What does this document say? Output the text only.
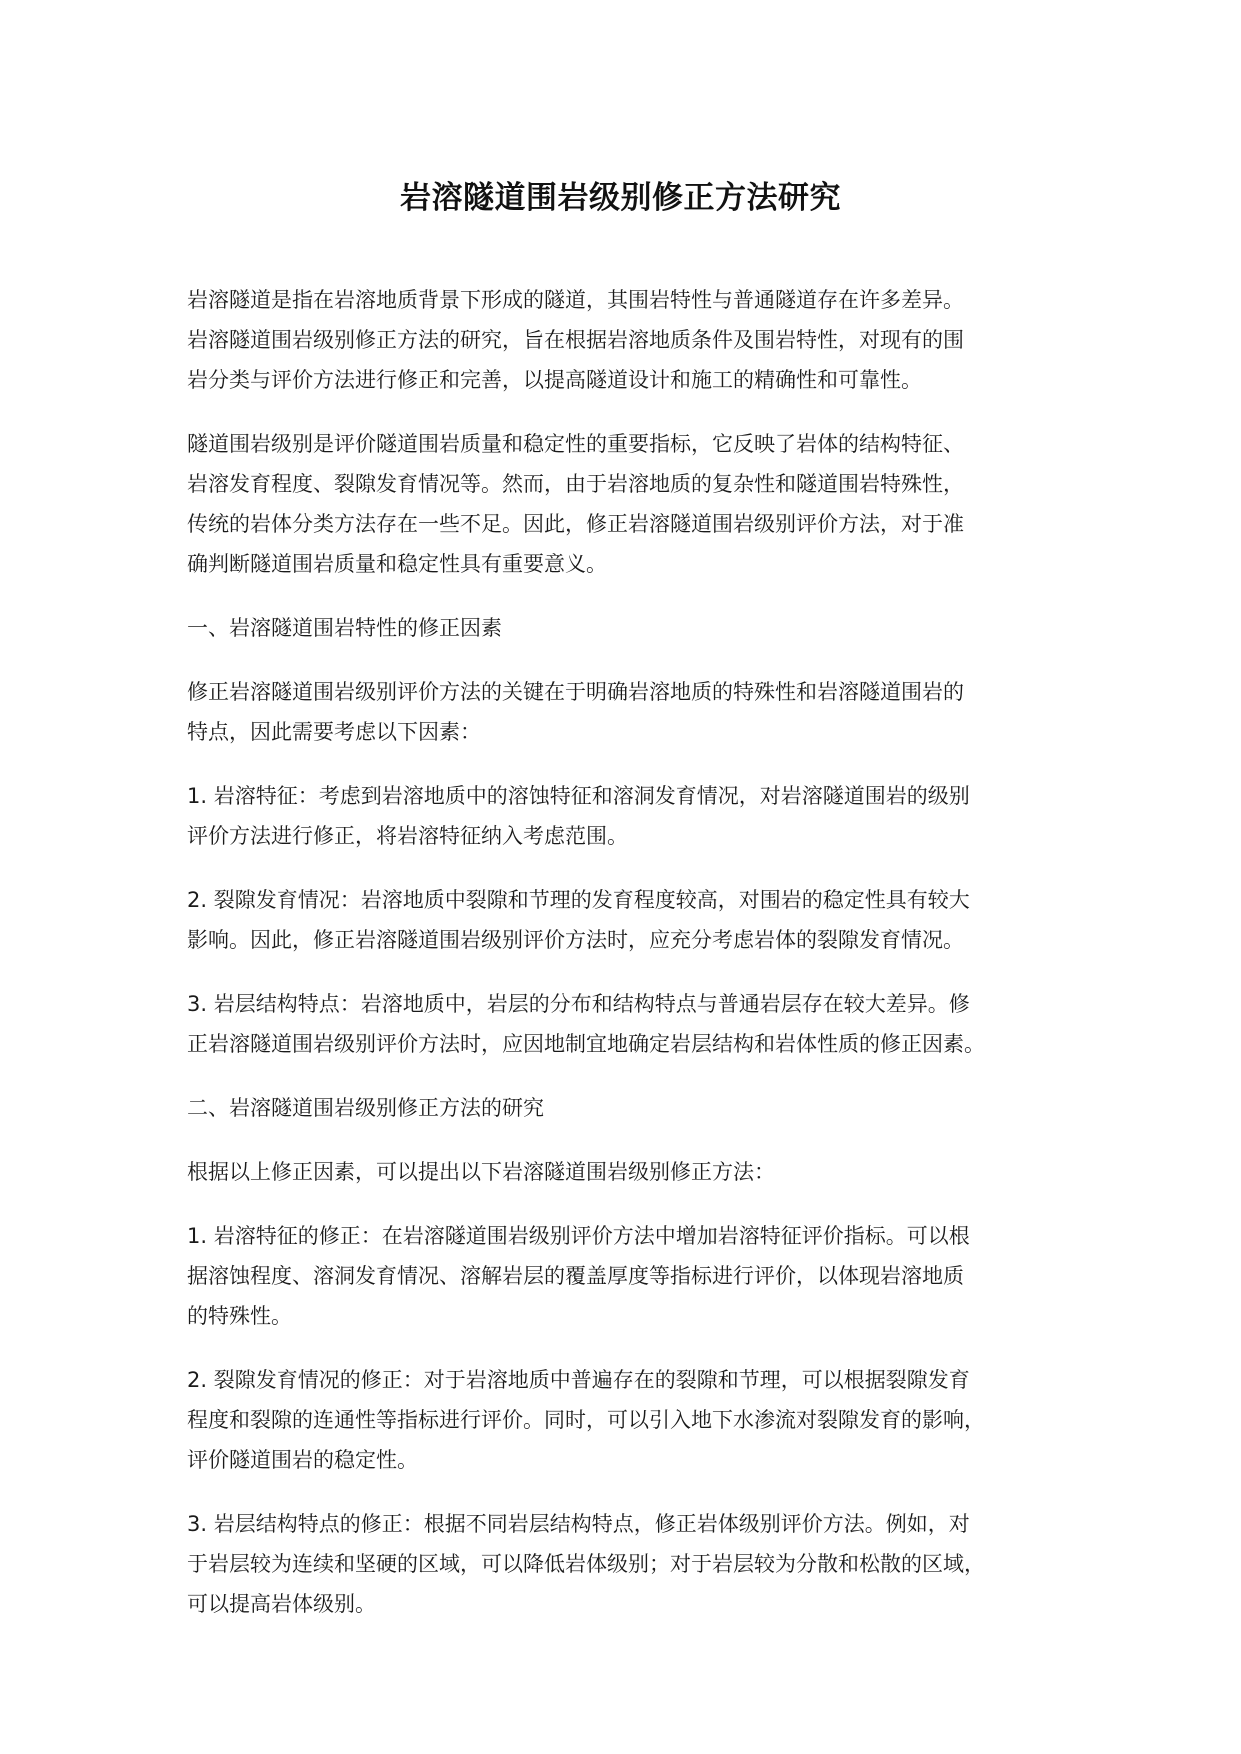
岩溶隧道围岩级别修正方法研究

岩溶隧道是指在岩溶地质背景下形成的隧道，其围岩特性与普通隧道存在许多差异。
岩溶隧道围岩级别修正方法的研究，旨在根据岩溶地质条件及围岩特性，对现有的围
岩分类与评价方法进行修正和完善，以提高隧道设计和施工的精确性和可靠性。

隧道围岩级别是评价隧道围岩质量和稳定性的重要指标，它反映了岩体的结构特征、
岩溶发育程度、裂隙发育情况等。然而，由于岩溶地质的复杂性和隧道围岩特殊性，
传统的岩体分类方法存在一些不足。因此，修正岩溶隧道围岩级别评价方法，对于准
确判断隧道围岩质量和稳定性具有重要意义。

一、岩溶隧道围岩特性的修正因素

修正岩溶隧道围岩级别评价方法的关键在于明确岩溶地质的特殊性和岩溶隧道围岩的
特点，因此需要考虑以下因素：

1. 岩溶特征：考虑到岩溶地质中的溶蚀特征和溶洞发育情况，对岩溶隧道围岩的级别
评价方法进行修正，将岩溶特征纳入考虑范围。

2. 裂隙发育情况：岩溶地质中裂隙和节理的发育程度较高，对围岩的稳定性具有较大
影响。因此，修正岩溶隧道围岩级别评价方法时，应充分考虑岩体的裂隙发育情况。

3. 岩层结构特点：岩溶地质中，岩层的分布和结构特点与普通岩层存在较大差异。修
正岩溶隧道围岩级别评价方法时，应因地制宜地确定岩层结构和岩体性质的修正因素。

二、岩溶隧道围岩级别修正方法的研究

根据以上修正因素，可以提出以下岩溶隧道围岩级别修正方法：

1. 岩溶特征的修正：在岩溶隧道围岩级别评价方法中增加岩溶特征评价指标。可以根
据溶蚀程度、溶洞发育情况、溶解岩层的覆盖厚度等指标进行评价，以体现岩溶地质
的特殊性。

2. 裂隙发育情况的修正：对于岩溶地质中普遍存在的裂隙和节理，可以根据裂隙发育
程度和裂隙的连通性等指标进行评价。同时，可以引入地下水渗流对裂隙发育的影响，
评价隧道围岩的稳定性。

3. 岩层结构特点的修正：根据不同岩层结构特点，修正岩体级别评价方法。例如，对
于岩层较为连续和坚硬的区域，可以降低岩体级别；对于岩层较为分散和松散的区域，
可以提高岩体级别。
